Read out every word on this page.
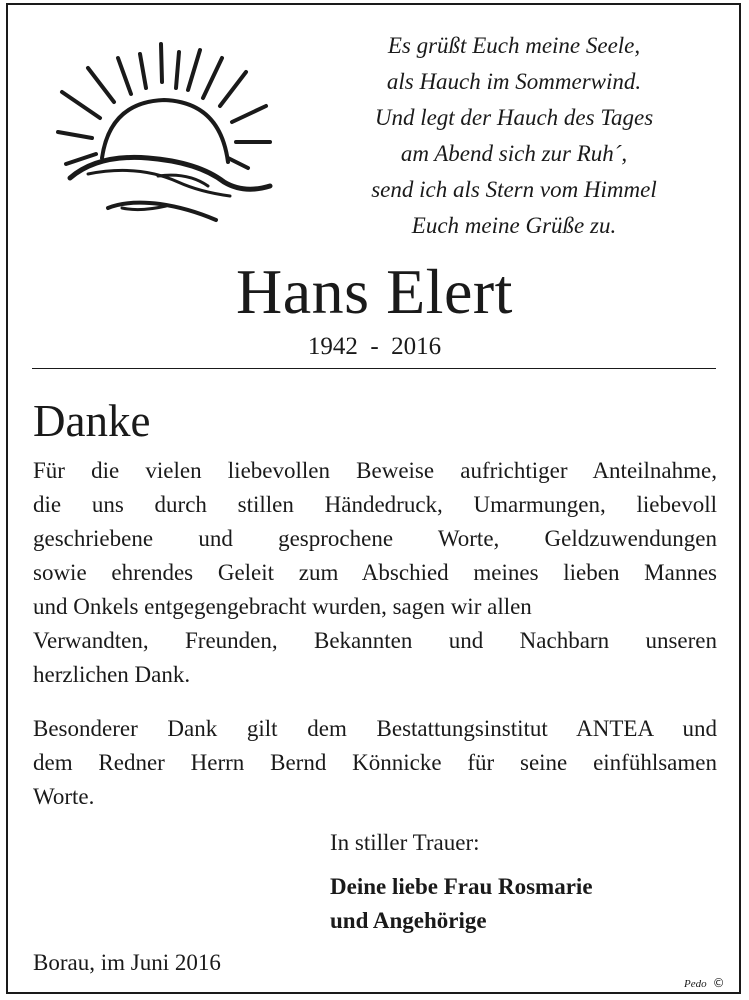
Es grüßt Euch meine Seele,
als Hauch im Sommerwind.
Und legt der Hauch des Tages
am Abend sich zur Ruh´,
send ich als Stern vom Himmel
Euch meine Grüße zu.
Hans Elert
1942  -  2016
Danke
Für die vielen liebevollen Beweise aufrichtiger Anteilnahme,
die uns durch stillen Händedruck, Umarmungen, liebevoll
geschriebene und gesprochene Worte, Geldzuwendungen
sowie ehrendes Geleit zum Abschied meines lieben Mannes
und Onkels entgegengebracht wurden, sagen wir allen
Verwandten, Freunden, Bekannten und Nachbarn unseren
herzlichen Dank.
Besonderer Dank gilt dem Bestattungsinstitut ANTEA und
dem Redner Herrn Bernd Könnicke für seine einfühlsamen
Worte.
In stiller Trauer:
Deine liebe Frau Rosmarie
und Angehörige
Borau, im Juni 2016
Pedo ©
